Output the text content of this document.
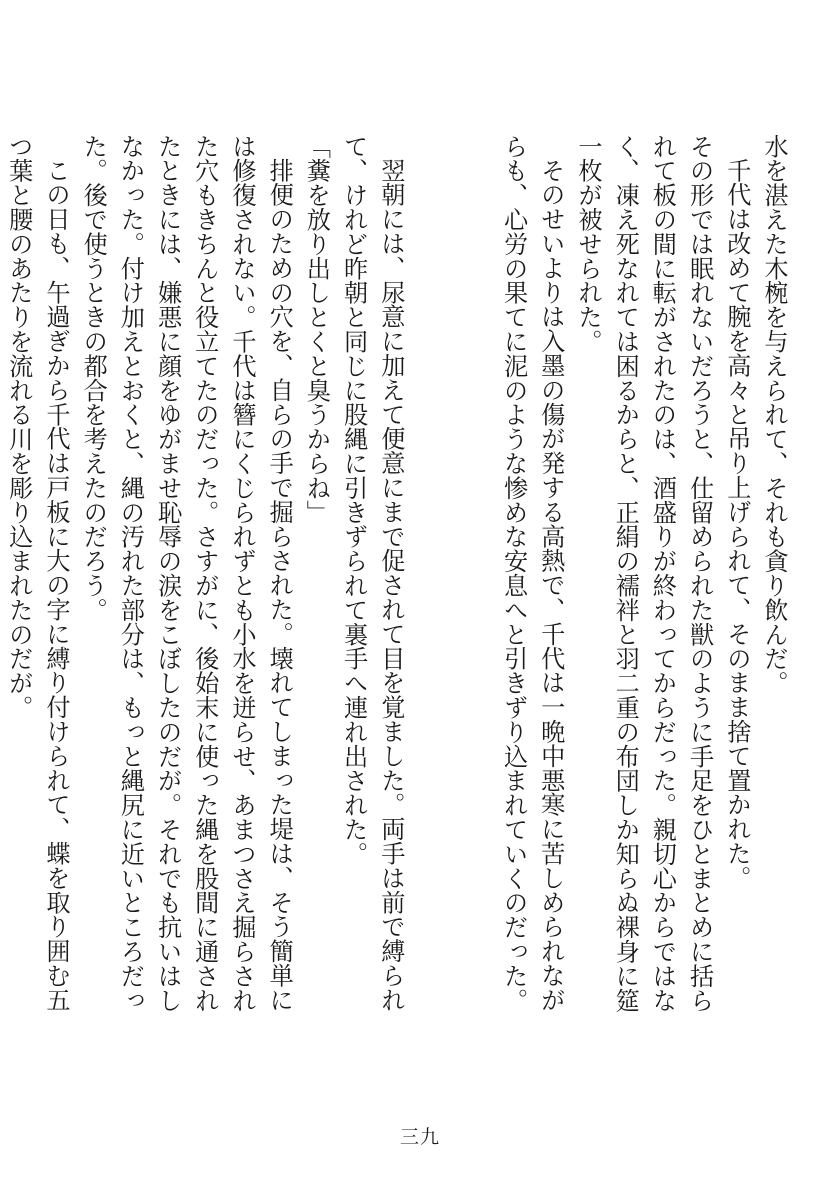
水を湛えた木椀を与えられて、それも貪り飲んだ。

千代は改めて腕を高々と吊り上げられて、そのまま捨て置かれた。

その形では眠れないだろうと、仕留められた獣のように手足をひとまとめに括られて板の間に転がされたのは、酒盛りが終わってからだった。親切心からではなく、凍え死なれては困るからと、正絹の襦袢と羽二重の布団しか知らぬ裸身に筵一枚が被せられた。

そのせいよりは入墨の傷が発する高熱で、千代は一晩中悪寒に苦しめられながらも、心労の果てに泥のような惨めな安息へと引きずり込まれていくのだった。

翌朝には、尿意に加えて便意にまで促されて目を覚ました。両手は前で縛られて、けれど昨朝と同じに股縄に引きずられて裏手へ連れ出された。

「糞を放り出しとくと臭うからね」

排便のための穴を、自らの手で掘らされた。壊れてしまった堤は、そう簡単には修復されない。千代は簪にくじられずとも小水を迸らせ、あまつさえ掘らされた穴もきちんと役立てたのだった。さすがに、後始末に使った縄を股間に通されたときには、嫌悪に顔をゆがませ恥辱の涙をこぼしたのだが。それでも抗いはしなかった。付け加えとおくと、縄の汚れた部分は、もっと縄尻に近いところだった。後で使うときの都合を考えたのだろう。

この日も、午過ぎから千代は戸板に大の字に縛り付けられて、蝶を取り囲む五つ葉と腰のあたりを流れる川を彫り込まれたのだが。

三九
